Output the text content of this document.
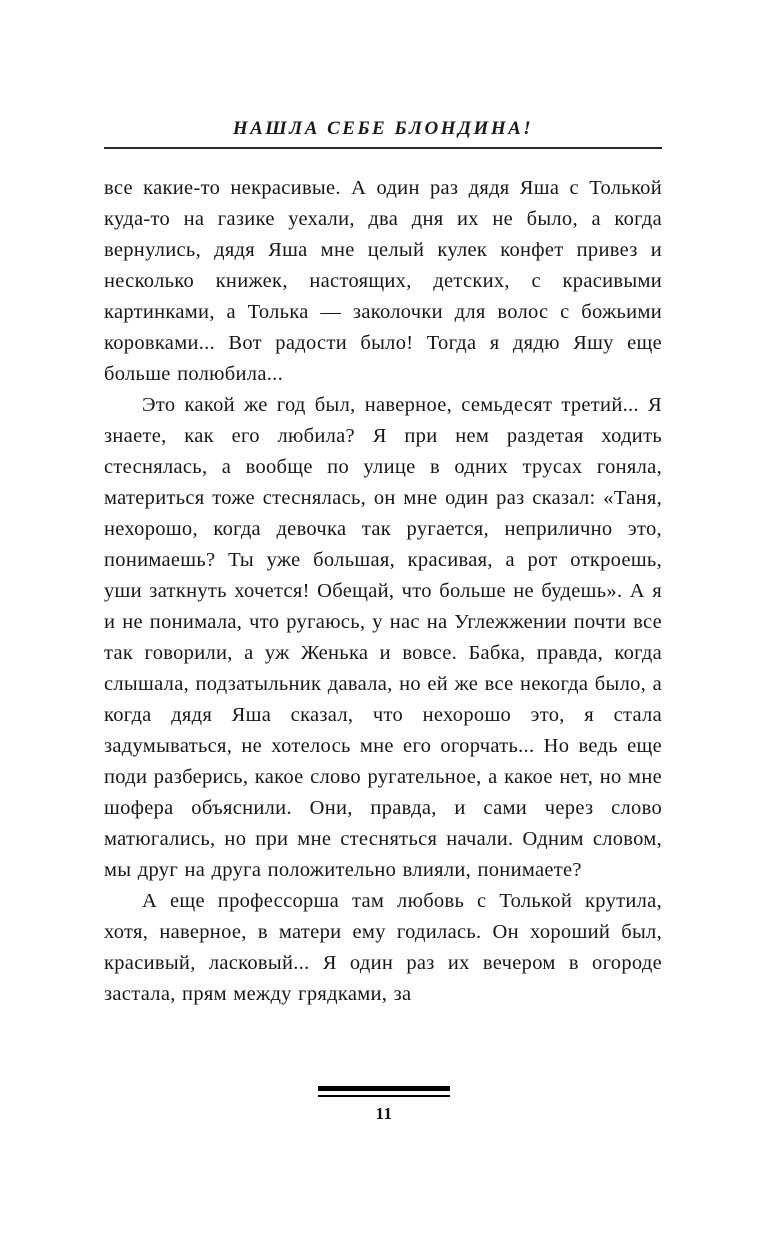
НАШЛА СЕБЕ БЛОНДИНА!

все какие-то некрасивые. А один раз дядя Яша с Толькой куда-то на газике уехали, два дня их не было, а когда вернулись, дядя Яша мне целый кулек конфет привез и несколько книжек, настоящих, детских, с красивыми картинками, а Толька — заколочки для волос с божьими коровками... Вот радости было! Тогда я дядю Яшу еще больше полюбила...

Это какой же год был, наверное, семьдесят третий... Я знаете, как его любила? Я при нем раздетая ходить стеснялась, а вообще по улице в одних трусах гоняла, материться тоже стеснялась, он мне один раз сказал: «Таня, нехорошо, когда девочка так ругается, неприлично это, понимаешь? Ты уже большая, красивая, а рот откроешь, уши заткнуть хочется! Обещай, что больше не будешь». А я и не понимала, что ругаюсь, у нас на Углежжении почти все так говорили, а уж Женька и вовсе. Бабка, правда, когда слышала, подзатыльник давала, но ей же все некогда было, а когда дядя Яша сказал, что нехорошо это, я стала задумываться, не хотелось мне его огорчать... Но ведь еще поди разберись, какое слово ругательное, а какое нет, но мне шофера объяснили. Они, правда, и сами через слово матюгались, но при мне стесняться начали. Одним словом, мы друг на друга положительно влияли, понимаете?

А еще профессорша там любовь с Толькой крутила, хотя, наверное, в матери ему годилась. Он хороший был, красивый, ласковый... Я один раз их вечером в огороде застала, прям между грядками, за

11
